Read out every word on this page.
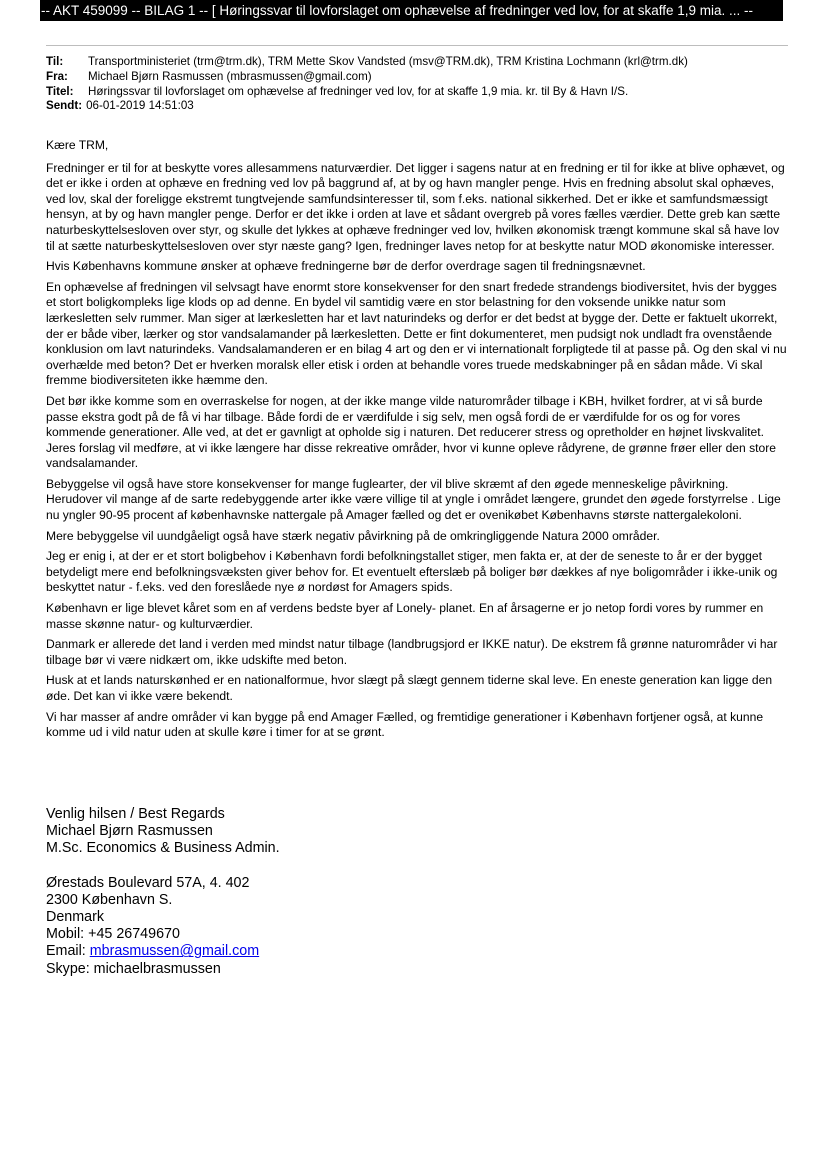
-- AKT 459099 -- BILAG 1 -- [ Høringssvar til lovforslaget om ophævelse af fredninger ved lov, for at skaffe 1,9 mia. ... --
Til:	Transportministeriet (trm@trm.dk), TRM Mette Skov Vandsted (msv@TRM.dk), TRM Kristina Lochmann (krl@trm.dk)
Fra:	Michael Bjørn Rasmussen (mbrasmussen@gmail.com)
Titel:	Høringssvar til lovforslaget om ophævelse af fredninger ved lov, for at skaffe 1,9 mia. kr. til By & Havn I/S.
Sendt: 06-01-2019 14:51:03

Kære TRM,

Fredninger er til for at beskytte vores allesammens naturværdier. Det ligger i sagens natur at en fredning er til for ikke at blive ophævet, og det er ikke i orden at ophæve en fredning ved lov på baggrund af, at by og havn mangler penge. Hvis en fredning absolut skal ophæves, ved lov, skal der foreligge ekstremt tungtvejende samfundsinteresser til, som f.eks. national sikkerhed. Det er ikke et samfundsmæssigt hensyn, at by og havn mangler penge. Derfor er det ikke i orden at lave et sådant overgreb på vores fælles værdier. Dette greb kan sætte naturbeskyttelsesloven over styr, og skulle det lykkes at ophæve fredninger ved lov, hvilken økonomisk trængt kommune skal så have lov til at sætte naturbeskyttelsesloven over styr næste gang? Igen, fredninger laves netop for at beskytte natur MOD økonomiske interesser.

Hvis Københavns kommune ønsker at ophæve fredningerne bør de derfor overdrage sagen til fredningsnævnet.

En ophævelse af fredningen vil selvsagt have enormt store konsekvenser for den snart fredede strandengs biodiversitet, hvis der bygges et stort boligkompleks lige klods op ad denne. En bydel vil samtidig være en stor belastning for den voksende unikke natur som lærkesletten selv rummer. Man siger at lærkesletten har et lavt naturindeks og derfor er det bedst at bygge der. Dette er faktuelt ukorrekt, der er både viber, lærker og stor vandsalamander på lærkesletten. Dette er fint dokumenteret, men pudsigt nok undladt fra ovenstående konklusion om lavt naturindeks. Vandsalamanderen er en bilag 4 art og den er vi internationalt forpligtede til at passe på. Og den skal vi nu overhælde med beton? Det er hverken moralsk eller etisk i orden at behandle vores truede medskabninger på en sådan måde. Vi skal fremme biodiversiteten ikke hæmme den.

Det bør ikke komme som en overraskelse for nogen, at der ikke mange vilde naturområder tilbage i KBH, hvilket fordrer, at vi så burde passe ekstra godt på de få vi har tilbage. Både fordi de er værdifulde i sig selv, men også fordi de er værdifulde for os og for vores kommende generationer. Alle ved, at det er gavnligt at opholde sig i naturen. Det reducerer stress og opretholder en højnet livskvalitet. Jeres forslag vil medføre, at vi ikke længere har disse rekreative områder, hvor vi kunne opleve rådyrene, de grønne frøer eller den store vandsalamander.

Bebyggelse vil også have store konsekvenser for mange fuglearter, der vil blive skræmt af den øgede menneskelige påvirkning. Herudover vil mange af de sarte redebyggende arter ikke være villige til at yngle i området længere, grundet den øgede forstyrrelse . Lige nu yngler 90-95 procent af københavnske nattergale på Amager fælled og det er ovenikøbet Københavns største nattergalekoloni.

Mere bebyggelse vil uundgåeligt også have stærk negativ påvirkning på de omkringliggende Natura 2000 områder.

Jeg er enig i, at der er et stort boligbehov i København fordi befolkningstallet stiger, men fakta er, at der de seneste to år er der bygget betydeligt mere end befolkningsvæksten giver behov for. Et eventuelt efterslæb på boliger bør dækkes af nye boligområder i ikke-unik og beskyttet natur - f.eks. ved den foreslåede nye ø nordøst for Amagers spids.

København er lige blevet kåret som en af verdens bedste byer af Lonely- planet. En af årsagerne er jo netop fordi vores by rummer en masse skønne natur- og kulturværdier.

Danmark er allerede det land i verden med mindst natur tilbage (landbrugsjord er IKKE natur). De ekstrem få grønne naturområder vi har tilbage bør vi være nidkært om, ikke udskifte med beton.

Husk at et lands naturskønhed er en nationalformue, hvor slægt på slægt gennem tiderne skal leve. En eneste generation kan ligge den øde. Det kan vi ikke være bekendt.

Vi har masser af andre områder vi kan bygge på end Amager Fælled, og fremtidige generationer i København fortjener også, at kunne komme ud i vild natur uden at skulle køre i timer for at se grønt.

Venlig hilsen / Best Regards
Michael Bjørn Rasmussen
M.Sc. Economics & Business Admin.
Ørestads Boulevard 57A, 4. 402
2300 København S.
Denmark
Mobil: +45 26749670
Email: mbrasmussen@gmail.com
Skype: michaelbrasmussen
